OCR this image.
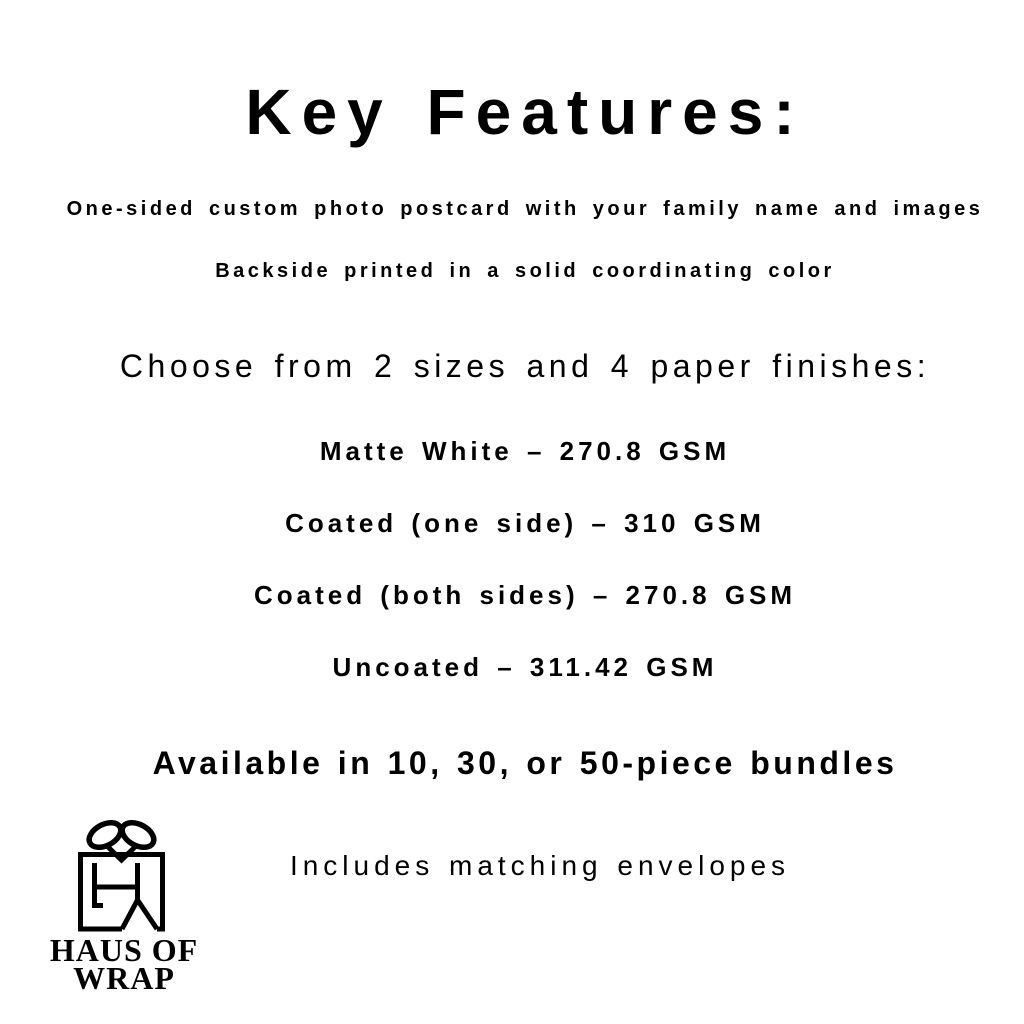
Key Features:

One-sided custom photo postcard with your family name and images

Backside printed in a solid coordinating color

Choose from 2 sizes and 4 paper finishes:

Matte White – 270.8 GSM

Coated (one side) – 310 GSM

Coated (both sides) – 270.8 GSM

Uncoated – 311.42 GSM

Available in 10, 30, or 50-piece bundles

Includes matching envelopes

HAUS OF
WRAP
